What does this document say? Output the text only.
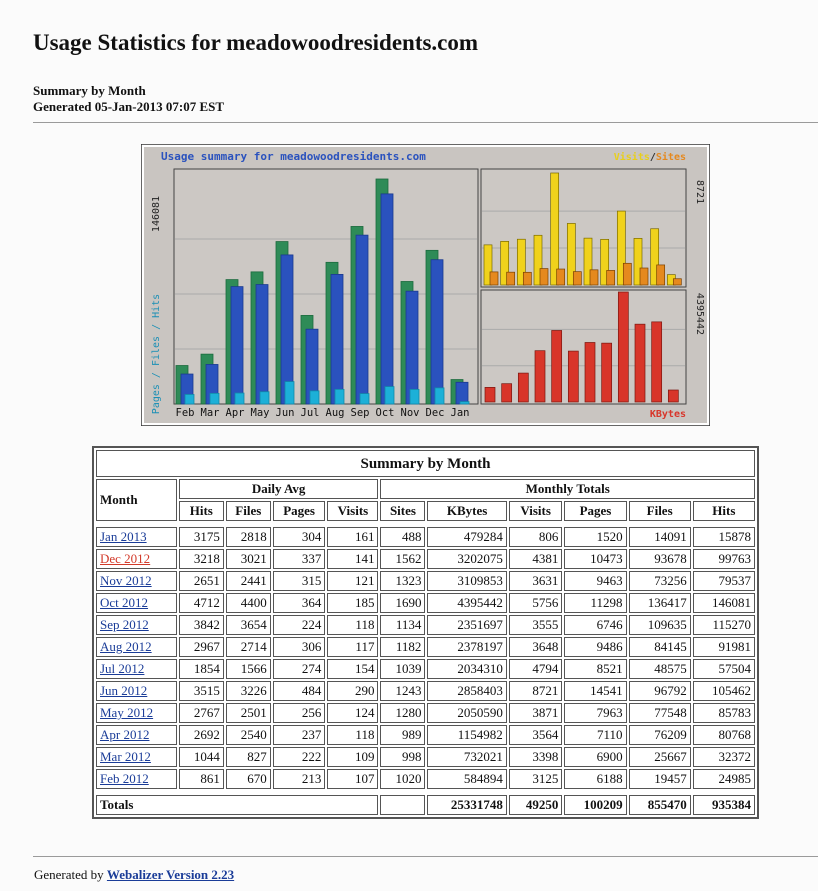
Usage Statistics for meadowoodresidents.com
Summary by Month
Generated 05-Jan-2013 07:07 EST
Feb Mar Apr May Jun Jul Aug Sep Oct Nov Dec Jan
Usage summary for meadowoodresidents.com	Visits/Sites
146081
Pages / Files / Hits
8721
4395442
KBytes
Summary by Month										
Month	Daily Avg				Monthly Totals					
	Hits	Files	Pages	Visits	Sites	KBytes	Visits	Pages	Files	Hits

Jan 2013	3175	2818	304	161	488	479284	806	1520	14091	15878
Dec 2012	3218	3021	337	141	1562	3202075	4381	10473	93678	99763
Nov 2012	2651	2441	315	121	1323	3109853	3631	9463	73256	79537
Oct 2012	4712	4400	364	185	1690	4395442	5756	11298	136417	146081
Sep 2012	3842	3654	224	118	1134	2351697	3555	6746	109635	115270
Aug 2012	2967	2714	306	117	1182	2378197	3648	9486	84145	91981
Jul 2012	1854	1566	274	154	1039	2034310	4794	8521	48575	57504
Jun 2012	3515	3226	484	290	1243	2858403	8721	14541	96792	105462
May 2012	2767	2501	256	124	1280	2050590	3871	7963	77548	85783
Apr 2012	2692	2540	237	118	989	1154982	3564	7110	76209	80768
Mar 2012	1044	827	222	109	998	732021	3398	6900	25667	32372
Feb 2012	861	670	213	107	1020	584894	3125	6188	19457	24985

Totals						25331748	49250	100209	855470	935384
Generated by Webalizer Version 2.23
